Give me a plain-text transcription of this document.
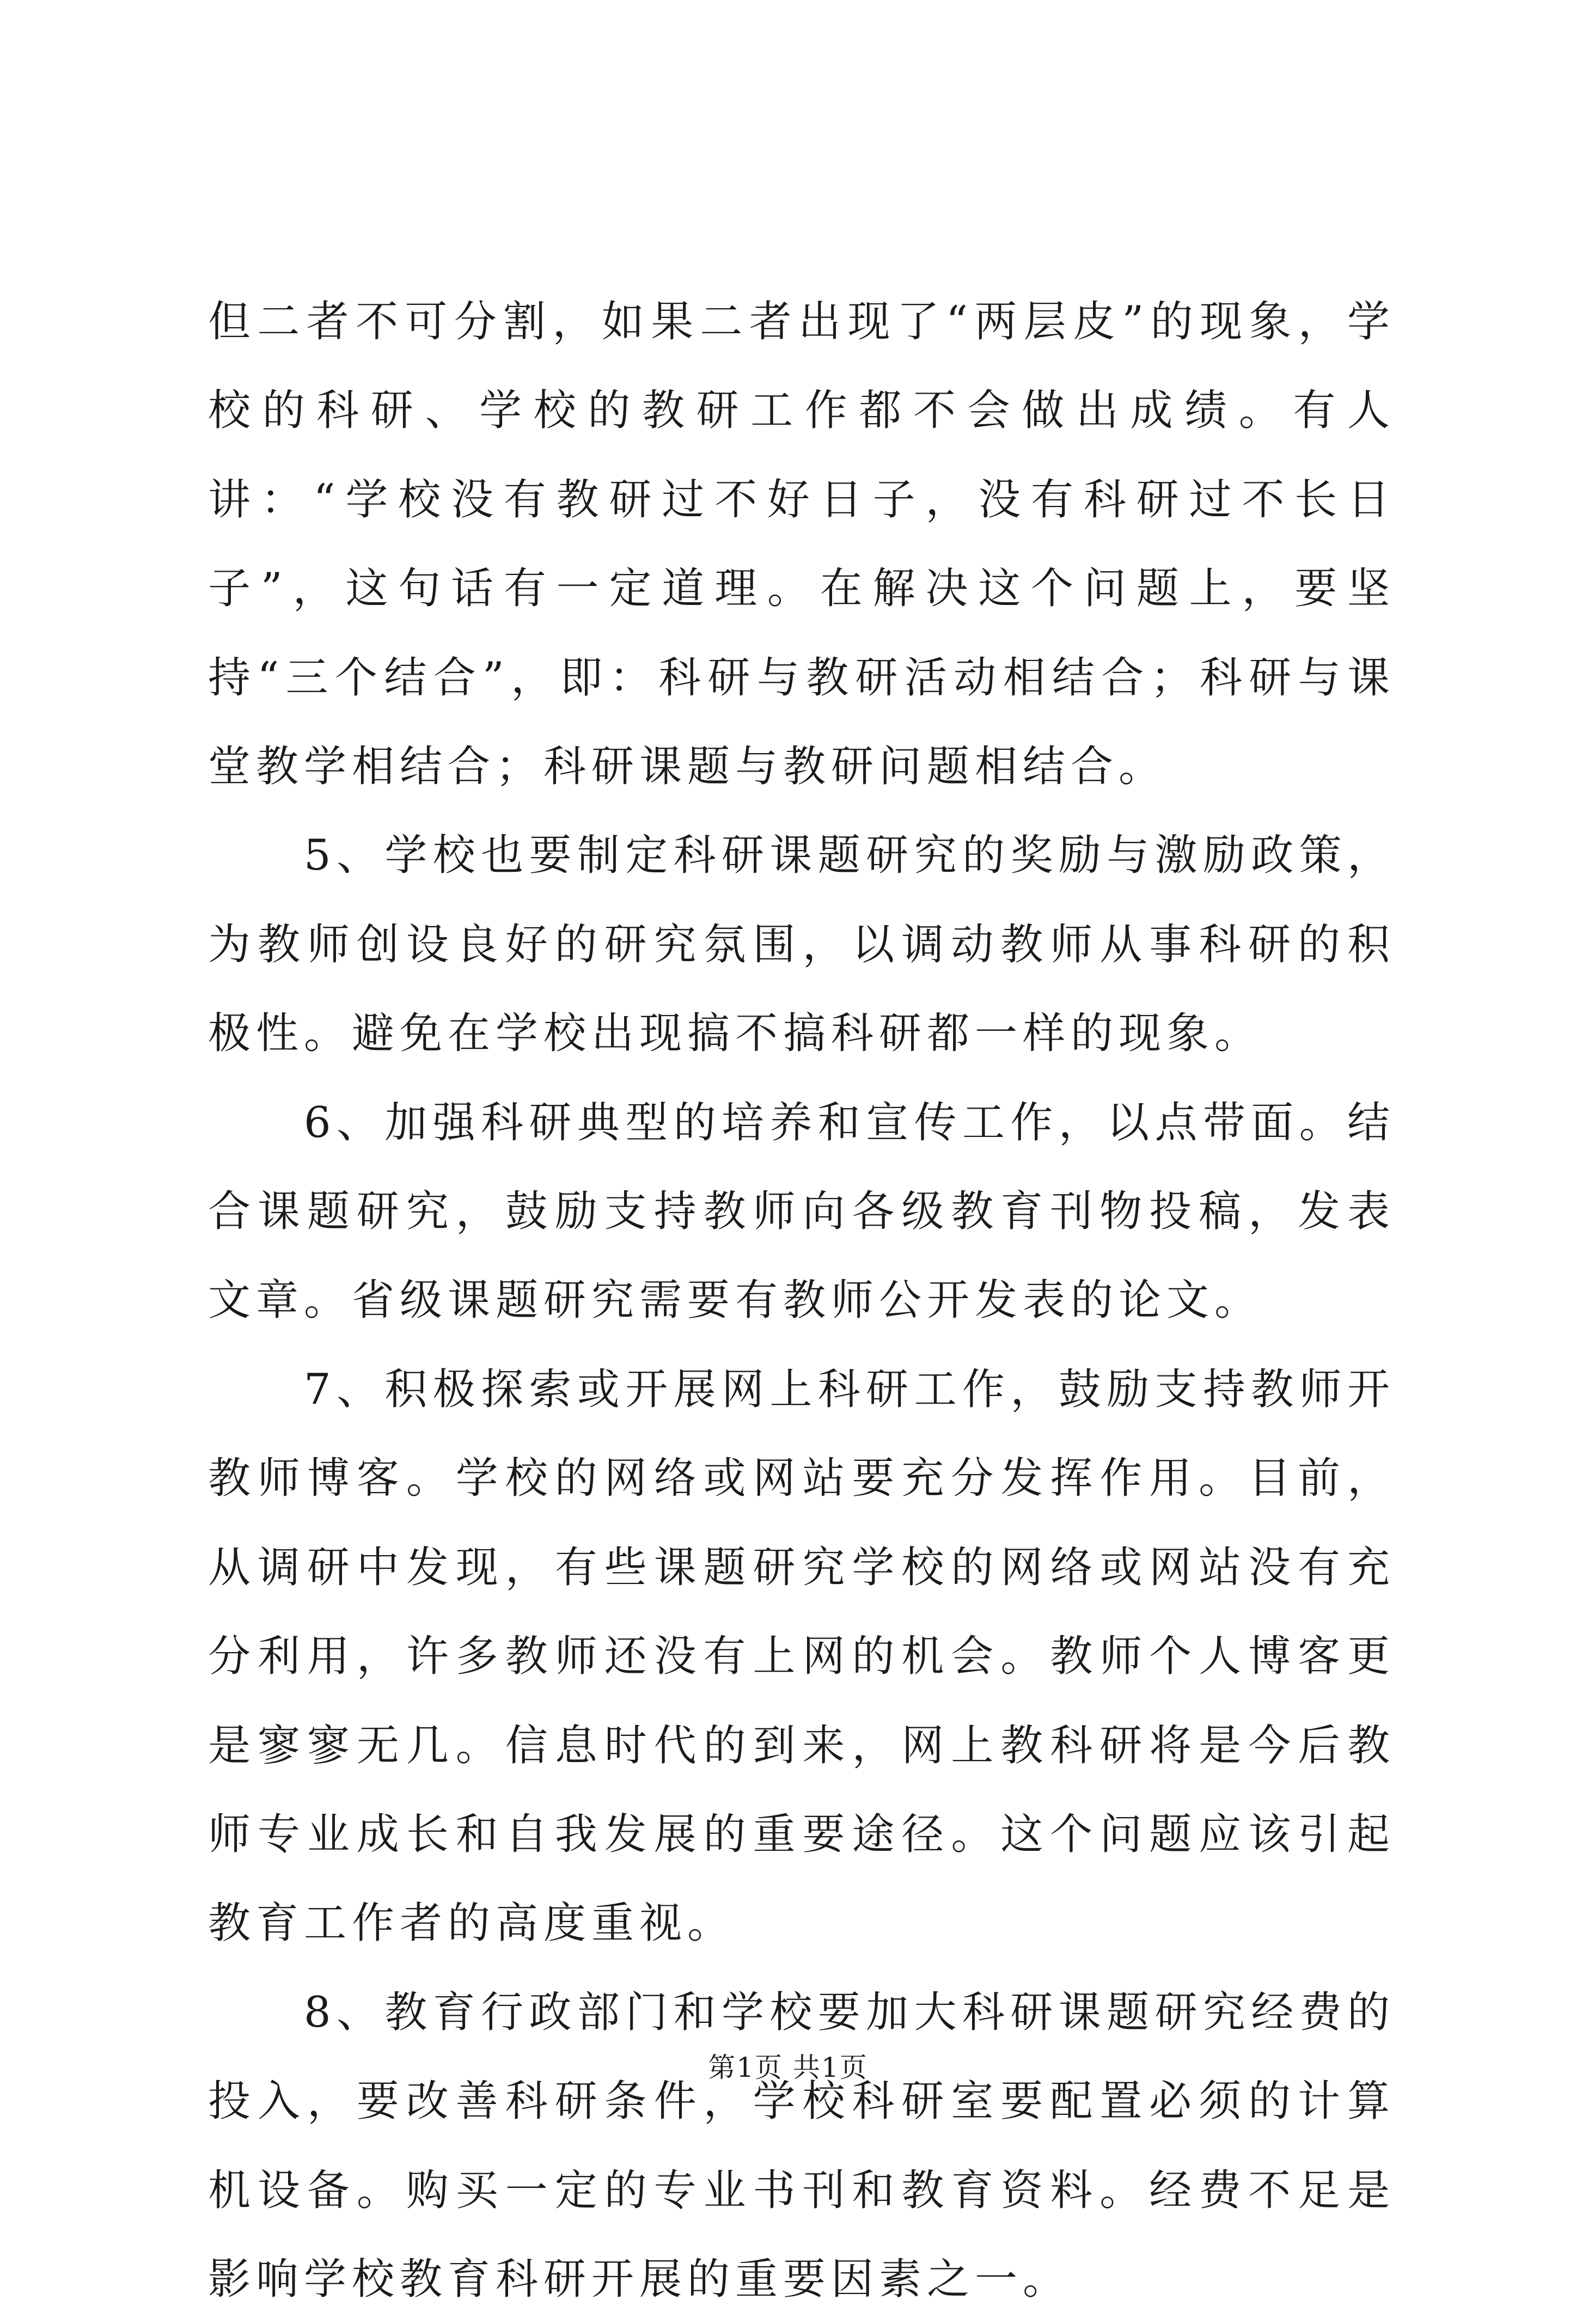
但二者不可分割，如果二者出现了“两层皮”的现象，学校的科研、学校的教研工作都不会做出成绩。有人讲：“学校没有教研过不好日子，没有科研过不长日子”，这句话有一定道理。在解决这个问题上，要坚持“三个结合”，即：科研与教研活动相结合；科研与课堂教学相结合；科研课题与教研问题相结合。

5、学校也要制定科研课题研究的奖励与激励政策，为教师创设良好的研究氛围，以调动教师从事科研的积极性。避免在学校出现搞不搞科研都一样的现象。

6、加强科研典型的培养和宣传工作，以点带面。结合课题研究，鼓励支持教师向各级教育刊物投稿，发表文章。省级课题研究需要有教师公开发表的论文。

7、积极探索或开展网上科研工作，鼓励支持教师开教师博客。学校的网络或网站要充分发挥作用。目前，从调研中发现，有些课题研究学校的网络或网站没有充分利用，许多教师还没有上网的机会。教师个人博客更是寥寥无几。信息时代的到来，网上教科研将是今后教师专业成长和自我发展的重要途径。这个问题应该引起教育工作者的高度重视。

8、教育行政部门和学校要加大科研课题研究经费的投入，要改善科研条件，学校科研室要配置必须的计算机设备。购买一定的专业书刊和教育资料。经费不足是影响学校教育科研开展的重要因素之一。

第1页 共1页
